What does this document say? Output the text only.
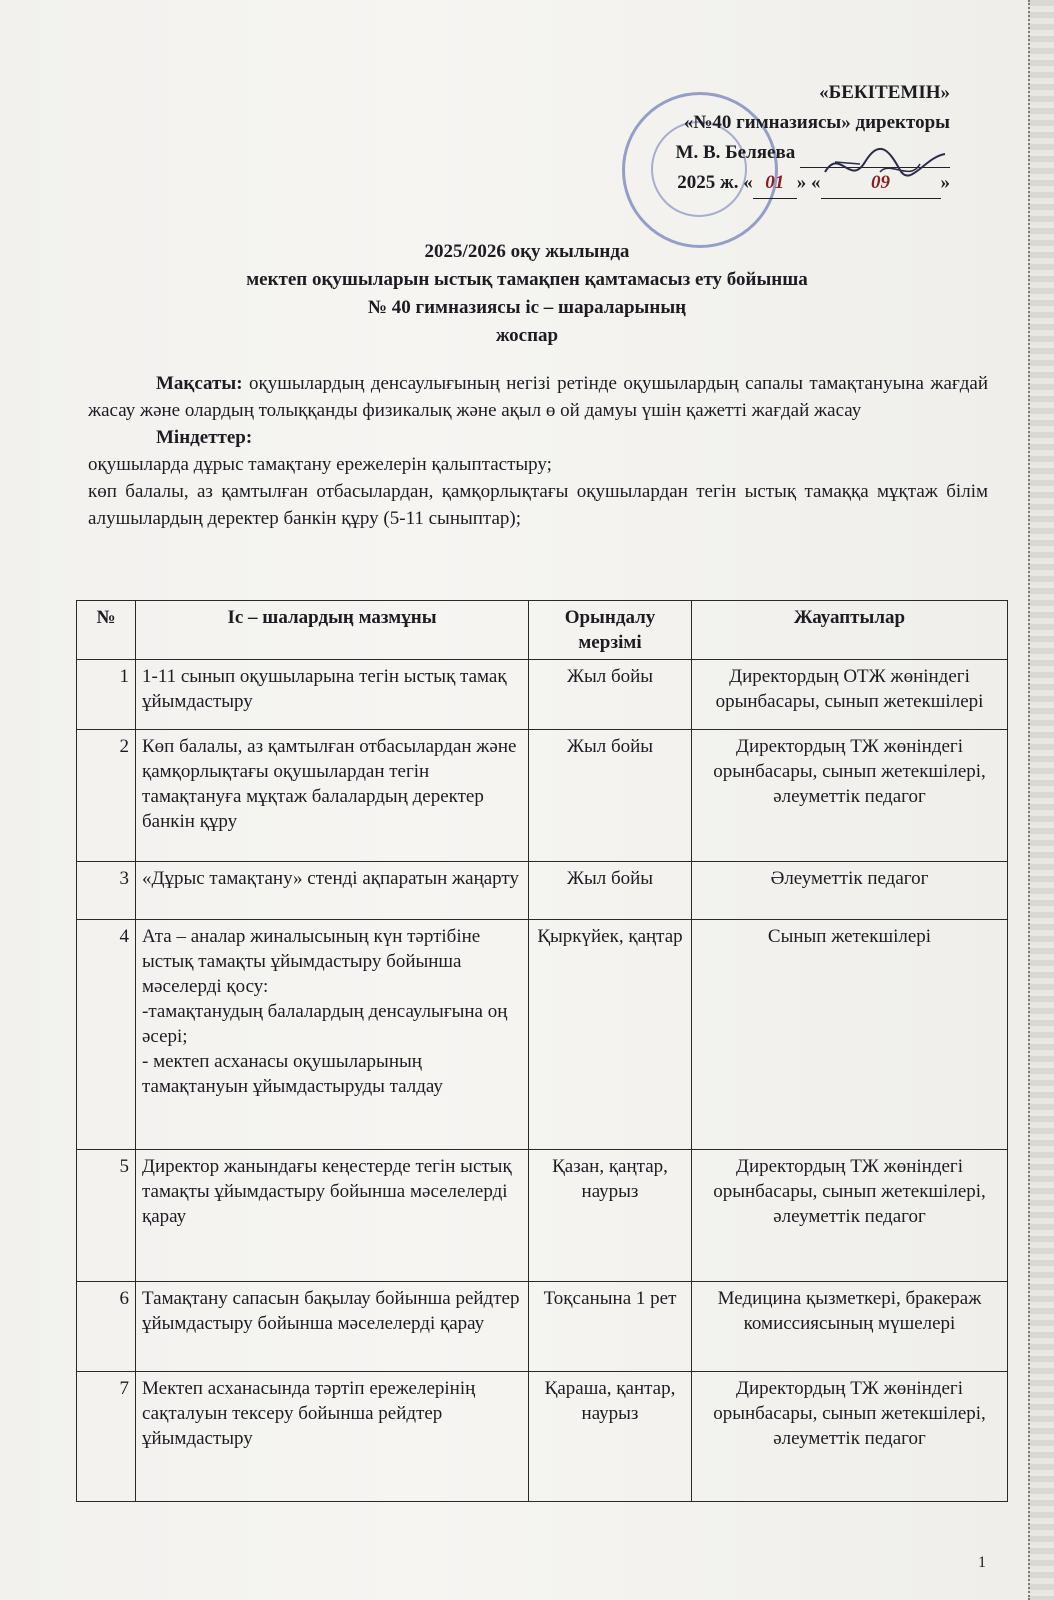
«БЕКІТЕМІН»
«№40 гимназиясы» директоры
М. В. Беляева
2025 ж. « 01 » «	09	»
2025/2026 оқу жылында
мектеп оқушыларын ыстық тамақпен қамтамасыз ету бойынша
№ 40 гимназиясы іс – шараларының
жоспар

Мақсаты: оқушылардың денсаулығының негізі ретінде оқушылардың сапалы тамақтануына жағдай жасау және олардың толыққанды физикалық және ақыл ө ой дамуы үшін қажетті жағдай жасау

Міндеттер:

оқушыларда дұрыс тамақтану ережелерін қалыптастыру;

көп балалы, аз қамтылған отбасылардан, қамқорлықтағы оқушылардан тегін ыстық тамаққа мұқтаж білім алушылардың деректер банкін құру (5-11 сыныптар);

№	Іс – шалардың мазмұны	Орындалу мерзімі	Жауаптылар
1	1-11 сынып оқушыларына тегін ыстық тамақ ұйымдастыру	Жыл бойы	Директордың ОТЖ жөніндегі орынбасары, сынып жетекшілері
2	Көп балалы, аз қамтылған отбасылардан және қамқорлықтағы оқушылардан тегін тамақтануға мұқтаж балалардың деректер банкін құру	Жыл бойы	Директордың ТЖ жөніндегі орынбасары, сынып жетекшілері, әлеуметтік педагог
3	«Дұрыс тамақтану» стенді ақпаратын жаңарту	Жыл бойы	Әлеуметтік педагог
4	Ата – аналар жиналысының күн тәртібіне ыстық тамақты ұйымдастыру бойынша мәселерді қосу:
-тамақтанудың балалардың денсаулығына оң әсері;
- мектеп асханасы оқушыларының тамақтануын ұйымдастыруды талдау	Қыркүйек, қаңтар	Сынып жетекшілері
5	Директор жанындағы кеңестерде тегін ыстық тамақты ұйымдастыру бойынша мәселелерді қарау	Қазан, қаңтар, наурыз	Директордың ТЖ жөніндегі орынбасары, сынып жетекшілері, әлеуметтік педагог
6	Тамақтану сапасын бақылау бойынша рейдтер ұйымдастыру бойынша мәселелерді қарау	Тоқсанына 1 рет	Медицина қызметкері, бракераж комиссиясының мүшелері
7	Мектеп асханасында тәртіп ережелерінің сақталуын тексеру бойынша рейдтер ұйымдастыру	Қараша, қантар, наурыз	Директордың ТЖ жөніндегі орынбасары, сынып жетекшілері, әлеуметтік педагог
1
